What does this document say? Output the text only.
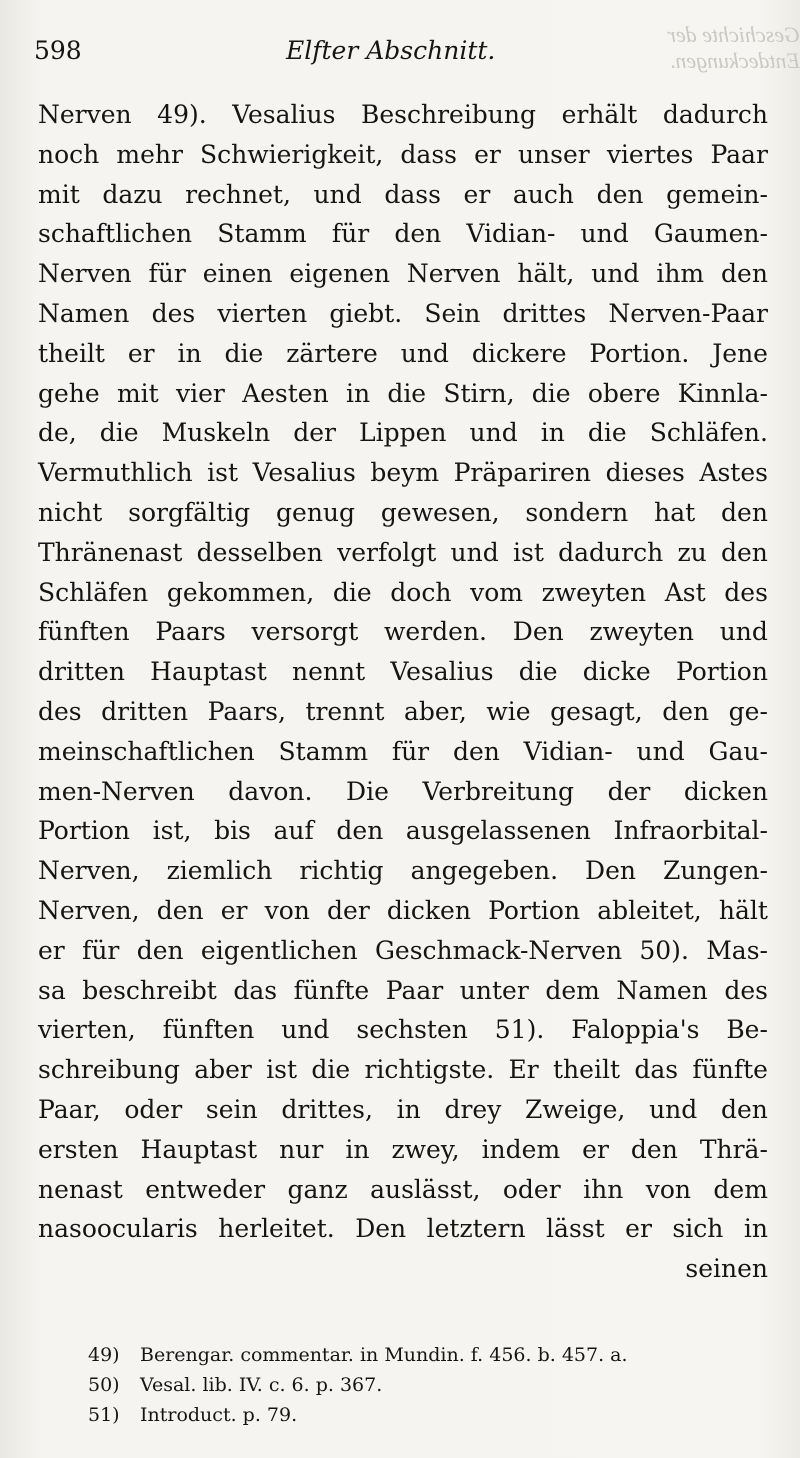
Geschichte der Entdeckungen.
598	Elfter Abschnitt.
Nerven 49). Vesalius Beschreibung erhält dadurch
noch mehr Schwierigkeit, dass er unser viertes Paar
mit dazu rechnet, und dass er auch den gemein-
schaftlichen Stamm für den Vidian- und Gaumen-
Nerven für einen eigenen Nerven hält, und ihm den
Namen des vierten giebt. Sein drittes Nerven-Paar
theilt er in die zärtere und dickere Portion. Jene
gehe mit vier Aesten in die Stirn, die obere Kinnla-
de, die Muskeln der Lippen und in die Schläfen.
Vermuthlich ist Vesalius beym Präpariren dieses Astes
nicht sorgfältig genug gewesen, sondern hat den
Thränenast desselben verfolgt und ist dadurch zu den
Schläfen gekommen, die doch vom zweyten Ast des
fünften Paars versorgt werden. Den zweyten und
dritten Hauptast nennt Vesalius die dicke Portion
des dritten Paars, trennt aber, wie gesagt, den ge-
meinschaftlichen Stamm für den Vidian- und Gau-
men-Nerven davon. Die Verbreitung der dicken
Portion ist, bis auf den ausgelassenen Infraorbital-
Nerven, ziemlich richtig angegeben. Den Zungen-
Nerven, den er von der dicken Portion ableitet, hält
er für den eigentlichen Geschmack-Nerven 50). Mas-
sa beschreibt das fünfte Paar unter dem Namen des
vierten, fünften und sechsten 51). Faloppia's Be-
schreibung aber ist die richtigste. Er theilt das fünfte
Paar, oder sein drittes, in drey Zweige, und den
ersten Hauptast nur in zwey, indem er den Thrä-
nenast entweder ganz auslässt, oder ihn von dem
nasoocularis herleitet. Den letztern lässt er sich in
seinen
49) Berengar. commentar. in Mundin. f. 456. b. 457. a.
50) Vesal. lib. IV. c. 6. p. 367.
51) Introduct. p. 79.
